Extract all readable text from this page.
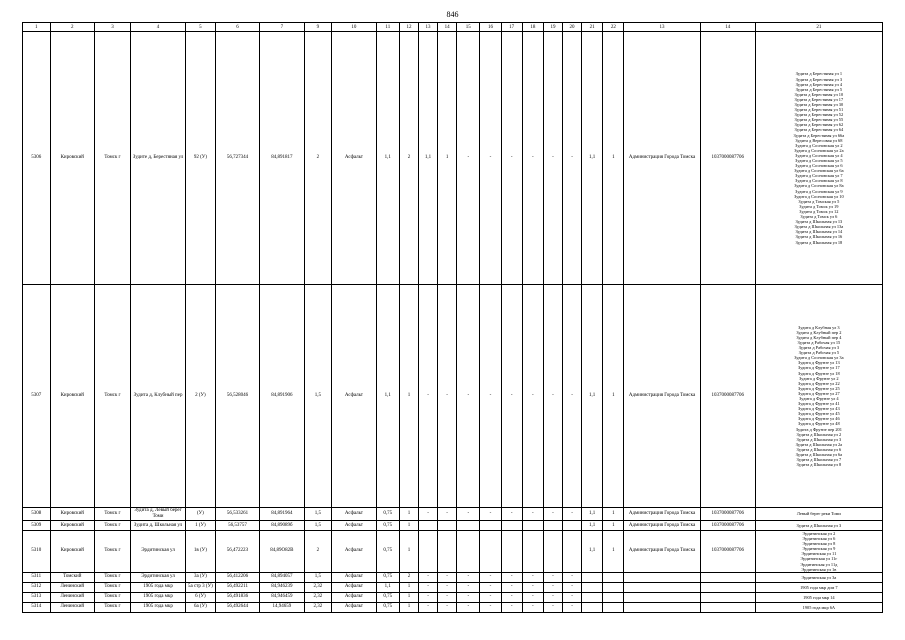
846
1	2	3	4	5	6	7	9	10	11	12	13	14	15	16	17	18	19	20	21	22	13	14	21
5306	Кировский	Томск г	Зудите д, Берестяная ул	92 (У)	56,727344	84,891817	2	Асфальт	1,1	2	1,1	1	-	-	-	-	-	-	1,1	1	Администрация Города Томска	1037000087706	
Зудита д Берестяная ул 1
Зудита д Берестяная ул 3
Зудита д Берестяная ул 4
Зудита д Берестяная ул 5
Зудита д Берестяная ул 10
Зудита д Берестяная ул 17
Зудита д Берестяная ул 30
Зудита д Берестяная ул 51
Зудита д Берестяная ул 52
Зудита д Берестяная ул 55
Зудита д Берестяная ул 62
Зудита д Берестяная ул 64
Зудита д Берестяная ул 66а
Зудита д Вересовая ул 68
Зудита д Сосновская ул 2
Зудита д Сосновская ул 2а
Зудита д Сосновская ул 4
Зудита д Сосновская ул 5
Зудита д Сосновская ул 6
Зудита д Сосновская ул 6а
Зудита д Сосновская ул 7
Зудита д Сосновская ул 8
Зудита д Сосновская ул 8а
Зудита д Сосновская ул 9
Зудита д Сосновская ул 10
Зудита д Томская ул 5
Зудита д Томск ул 19
Зудита д Томск ул 12
Зудита д Томск ул 6
Зудита д Школьная ул 13
Зудита д Школьная ул 13а
Зудита д Школьная ул 14
Зудита д Школьная ул 16
Зудита д Школьная ул 18

5307	Кировский	Томск г	Зудита д, Клубный пер	2 (У)	56,528046	84,891906	1,5	Асфальт	1,1	1	-	-	-	-	-	-	-	-	1,1	1	Администрация Города Томска	1037000087706	
Зудита д Клубная ул 3
Зудита д Клубный пер 2
Зудита д Клубный пер 4
Зудита д Рабочая ул 15
Зудита д Рабочая ул 3
Зудита д Рабочая ул 5
Зудита д Сосновская ул 3а
Зудита д Фрунзе ул 13
Зудита д Фрунзе ул 17
Зудита д Фрунзе ул 18
Зудита д Фрунзе ул 2
Зудита д Фрунзе ул 22
Зудита д Фрунзе ул 25
Зудита д Фрунзе ул 27
Зудита д Фрунзе ул 4
Зудита д Фрунзе ул 41
Зудита д Фрунзе ул 43
Зудита д Фрунзе ул 45
Зудита д Фрунзе ул 46
Зудита д Фрунзе ул 48
Зудита д Фрунзе пер 201
Зудита д Школьная ул 2
Зудита д Школьная ул 3
Зудита д Школьная ул 2а
Зудита д Школьная ул 6
Зудита д Школьная ул 6а
Зудита д Школьная ул 7
Зудита д Школьная ул 8

5308	Кировский	Томск г	Зудита д, Левый берег Томи	(У)	56,533261	84,891964	1,5	Асфальт	0,75	1	-	-	-	-	-	-	-	-	1,1	1	Администрация Города Томска	1037000087706	Левый берег реки Томи

5309	Кировский	Томск г	Зудита д, Школьная ул	1 (У)	56,53757	84,89089б	1,5	Асфальт	0,75	1									1,1	1	Администрация Города Томска	1037000087706	Зудита д Школьная ул 3

5310	Кировский	Томск г	Эрдитинская ул	1в (У)	56,47222З	84,89О82В	2	Асфальт	0,75	1									1,1	1	Администрация Города Томска	1037000087706	
Эрдитинская ул 2
Эрдитинская ул 6
Эрдитинская ул 8
Эрдитинская ул 9
Эрдитинская ул 11
Эрдитинская ул 11г
Эрдитинская ул 11д
Эрдитинская ул 1в

5311	Томский	Томск г	Эрдитинская ул	3а (У)	56,412206	84,894057	1,5	Асфальт	0,75	2	-	-	-	-	-	-	-	-					Эрдитинская ул 3а

5312	Ленинский	Томск г	1905 года мкр	5а стр 3 (У)	56,492211	84,946239	2,32	Асфальт	1,1	1	-	-	-	-	-	-	-	-					1905 года мкр дом 7

5313	Ленинский	Томск г	1905 года мкр	6 (У)	56,491836	84,946459	2,32	Асфальт	0,75	1	-	-	-	-	-	-	-	-					1905 года мкр 14

5314	Ленинский	Томск г	1905 года мкр	6а (У)	56,492644	14,94659	2,32	Асфальт	0,75	1	-	-	-	-	-	-	-	-					1905 года мкр 6А
